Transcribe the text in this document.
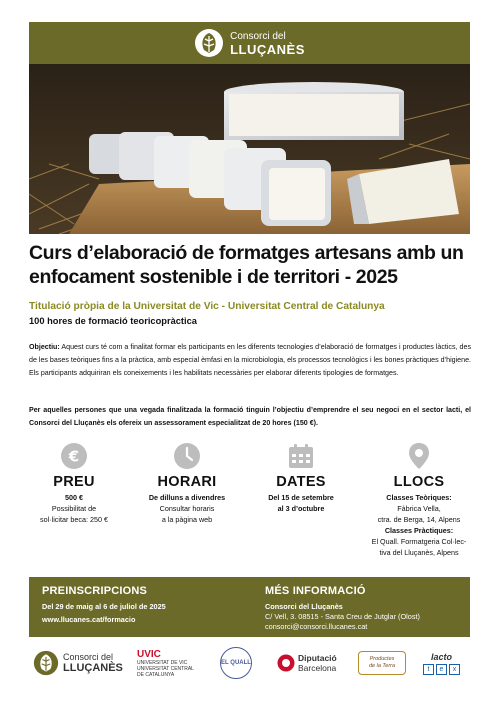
Consorci del
LLUÇANÈS
Curs d’elaboració de formatges artesans amb un enfocament sostenible i de territori - 2025
Titulació pròpia de la Universitat de Vic - Universitat Central de Catalunya
100 hores de formació teoricopràctica
Objectiu: Aquest curs té com a finalitat formar els participants en les diferents tecnologies d’elaboració de formatges i productes làctics, des de les bases teòriques fins a la pràctica, amb especial èmfasi en la microbiologia, els processos tecnològics i les bones pràctiques d’higiene. Els participants adquiriran els coneixements i les habilitats necessàries per elaborar diferents tipologies de formatges.
Per aquelles persones que una vegada finalitzada la formació tinguin l’objectiu d’emprendre el seu negoci en el sector lacti, el Consorci del Lluçanès els ofereix un assessorament especialitzat de 20 hores (150 €).
€
PREU
500 €
Possibilitat de
sol·licitar beca: 250 €
HORARI
De dilluns a divendres
Consultar horaris
a la pàgina web
DATES
Del 15 de setembre
al 3 d’octubre
LLOCS
Classes Teòriques:
Fàbrica Vella,
ctra. de Berga, 14, Alpens
Classes Pràctiques:
El Quall. Formatgeria Col·lec-
tiva del Lluçanès, Alpens
PREINSCRIPCIONS
Del 29 de maig al 6 de juliol de 2025
www.llucanes.cat/formacio
MÉS INFORMACIÓ
Consorci del Lluçanès
C/ Vell, 3. 08515 - Santa Creu de Jutglar (Olost)
consorci@consorci.llucanes.cat
Consorci del
LLUÇANÈS
UVIC
UNIVERSITAT DE VIC
UNIVERSITAT CENTRAL
DE CATALUNYA
EL QUALL	Diputació
Barcelona
Productes
de la Terra
lacto
t	e	x
